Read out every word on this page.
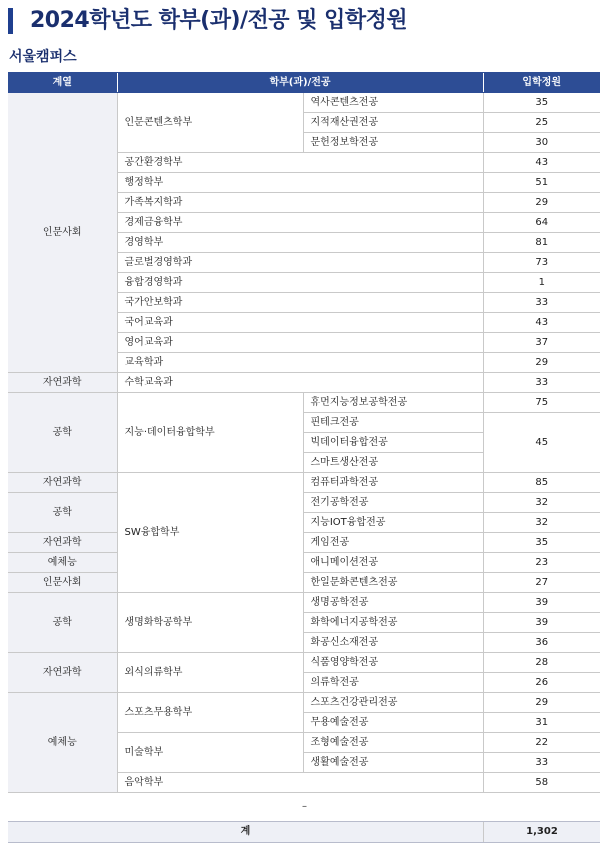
2024학년도 학부(과)/전공 및 입학정원
서울캠퍼스
계열	학부(과)/전공		입학정원
인문사회	인문콘텐츠학부	역사콘텐츠전공	35
		지적재산권전공	25
		문헌정보학전공	30
	공간환경학부		43
	행정학부		51
	가족복지학과		29
	경제금융학부		64
	경영학부		81
	글로벌경영학과		73
	융합경영학과		1
	국가안보학과		33
	국어교육과		43
	영어교육과		37
	교육학과		29
자연과학	수학교육과		33
공학	지능·데이터융합학부	휴먼지능정보공학전공	75
		핀테크전공	45
		빅데이터융합전공	
		스마트생산전공	
자연과학	SW융합학부	컴퓨터과학전공	85
공학		전기공학전공	32
		지능IOT융합전공	32
자연과학		게임전공	35
예체능		애니메이션전공	23
인문사회		한일문화콘텐츠전공	27
공학	생명화학공학부	생명공학전공	39
		화학에너지공학전공	39
		화공신소재전공	36
자연과학	외식의류학부	식품영양학전공	28
		의류학전공	26
예체능	스포츠무용학부	스포츠건강관리전공	29
		무용예술전공	31
	미술학부	조형예술전공	22
		생활예술전공	33
	음악학부		58
–
계	1,302
